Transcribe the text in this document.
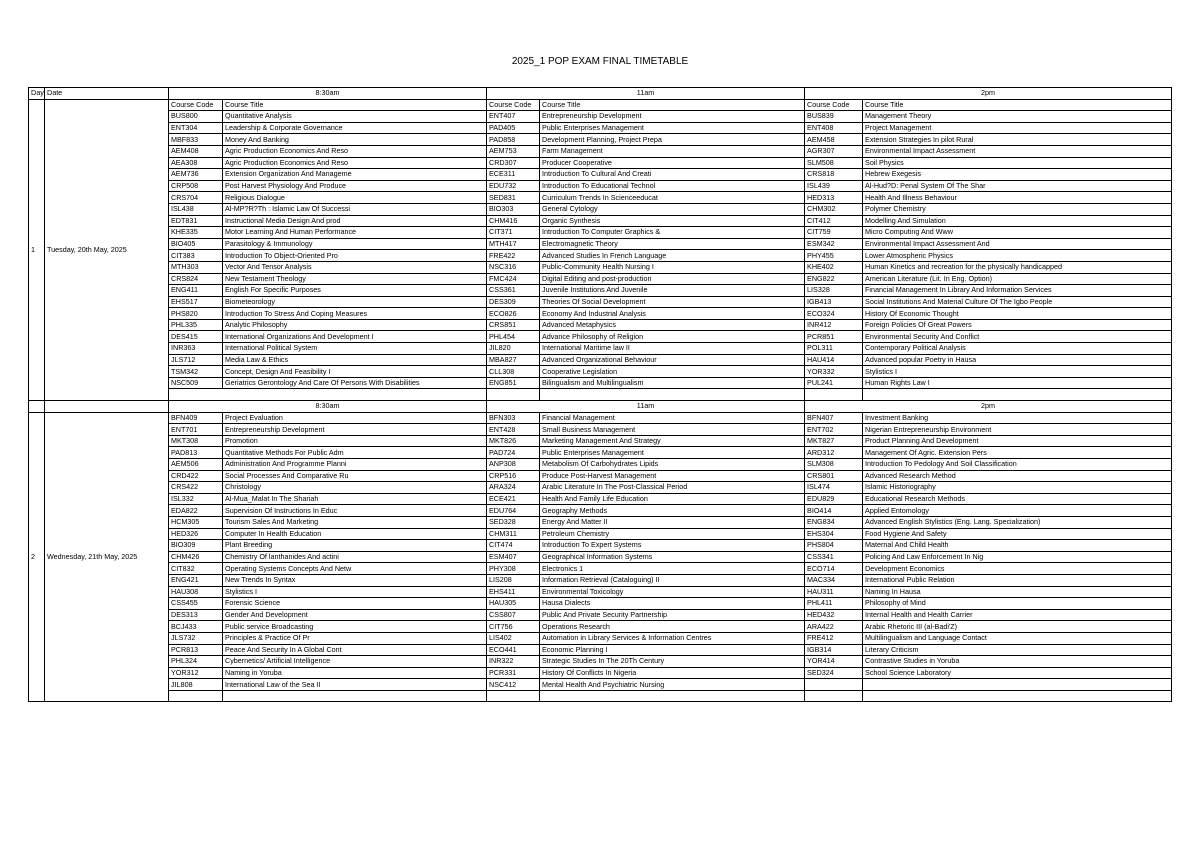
2025_1 POP EXAM FINAL TIMETABLE
Day	Date	8:30am		11am		2pm		
1	Tuesday, 20th May, 2025	Course Code	Course Title	Course Code	Course Title	Course Code	Course Title	
		BUS800	Quantitative Analysis	ENT407	Entrepreneurship Development	BUS839	Management Theory	
		ENT304	Leadership & Corporate Governance	PAD405	Public Enterprises Management	ENT408	Project Management	
		MBF833	Money And Banking	PAD858	Development Planning, Project Prepa	AEM458	Extension Strategies In pilot Rural	
		AEM408	Agric Production Economics And Reso	AEM753	Farm Management	AGR307	Environmental Impact Assessment	
		AEA308	Agric Production Economics And Reso	CRD307	Producer Cooperative	SLM508	Soil Physics	
		AEM736	Extension Organization And Manageme	ECE311	Introduction To Cultural And Creati	CRS818	Hebrew Exegesis	
		CRP508	Post Harvest Physiology And Produce	EDU732	Introduction To Educational Technol	ISL439	Al-Hud?D: Penal System Of The Shar	
		CRS704	Religious Dialogue	SED831	Curriculum Trends In Scienceeducat	HED313	Health And Illness Behaviour	
		ISL438	Al-MP?R?Th : Islamic Law Of Successi	BIO303	General Cytology	CHM302	Polymer Chemistry	
		EDT831	Instructional Media Design And prod	CHM416	Organic Synthesis	CIT412	Modelling And Simulation	
		KHE335	Motor Learning And Human Performance	CIT371	Introduction To Computer Graphics &	CIT759	Micro Computing And Www	
		BIO405	Parasitology & Immunology	MTH417	Electromagnetic Theory	ESM342	Environmental Impact Assessment And	
		CIT383	Introduction To Object-Oriented Pro	FRE422	Advanced Studies In French Language	PHY455	Lower Atmospheric Physics	
		MTH303	Vector And Tensor Analysis	NSC316	Public-Community Health Nursing I	KHE402	Human Kinetics and recreation for the physically handicapped	
		CRS824	New Testament Theology	FMC424	Digital Editing and post-production	ENG822	American Literature (Lit. In Eng. Option)	
		ENG411	English For Specific Purposes	CSS361	Juvenile Institutions And Juvenile	LIS328	Financial Management In Library And Information Services	
		EHS517	Biometeorology	DES309	Theories Of Social Development	IGB413	Social Institutions And Material Culture Of The Igbo People	
		PHS820	Introduction To Stress And Coping Measures	ECO826	Economy And Industrial Analysis	ECO324	History Of Economic Thought	
		PHL335	Analytic Philosophy	CRS851	Advanced Metaphysics	INR412	Foreign Policies Of Great Powers	
		DES415	International Organizations And Development I	PHL454	Advance Philosophy of Religion	PCR851	Environmental Security And Conflict	
		INR363	International Political System	JIL820	International Maritime law II	POL311	Contemporary Political Analysis	
		JLS712	Media Law & Ethics	MBA827	Advanced Organizational Behaviour	HAU414	Advanced popular Poetry in Hausa	
		TSM342	Concept, Design And Feasibility I	CLL308	Cooperative Legislation	YOR332	Stylistics I	
		NSC509	Geriatrics Gerontology And Care Of Persons With Disabilities	ENG851	Bilingualism and Multilingualism	PUL241	Human Rights Law I	

		8:30am		11am		2pm		
2	Wednesday, 21th May, 2025	BFN409	Project Evaluation	BFN303	Financial Management	BFN407	Investment Banking	
		ENT701	Entrepreneurship Development	ENT428	Small Business Management	ENT702	Nigerian Entrepreneurship Environment	
		MKT308	Promotion	MKT826	Marketing Management And Strategy	MKT827	Product Planning And Development	
		PAD813	Quantitative Methods For Public Adm	PAD724	Public Enterprises Management	ARD312	Management Of Agric. Extension Pers	
		AEM506	Administration And Programme Planni	ANP308	Metabolism Of Carbohydrates Lipids	SLM308	Introduction To Pedology And Soil Classification	
		CRD422	Social Processes And Comparative Ru	CRP516	Produce Post-Harvest Management	CRS801	Advanced Research Method	
		CRS422	Christology	ARA324	Arabic Literature In The Post-Classical Period	ISL474	Islamic Historiography	
		ISL332	Al-Mua_Malat In The Shariah	ECE421	Health And Family Life Education	EDU829	Educational Research Methods	
		EDA822	Supervision Of Instructions In Educ	EDU764	Geography Methods	BIO414	Applied Entomology	
		HCM305	Tourism Sales And Marketing	SED328	Energy And Matter II	ENG834	Advanced English Stylistics (Eng. Lang. Specialization)	
		HED326	Computer In Health Education	CHM311	Petroleum Chemistry	EHS304	Food Hygiene And Safety	
		BIO309	Plant Breeding	CIT474	Introduction To Expert Systems	PHS804	Maternal And Child Health	
		CHM426	Chemistry Of lanthanides And actini	ESM407	Geographical Information Systems	CSS341	Policing And Law Enforcement In Nig	
		CIT832	Operating Systems Concepts And Netw	PHY308	Electronics 1	ECO714	Development Economics	
		ENG421	New Trends In Syntax	LIS208	Information Retrieval (Cataloguing) II	MAC334	International Public Relation	
		HAU308	Stylistics I	EHS411	Environmental Toxicology	HAU311	Naming In Hausa	
		CSS455	Forensic Science	HAU305	Hausa Dialects	PHL411	Philosophy of Mind	
		DES313	Gender And Development	CSS807	Public And Private Security Partnership	HED432	Internal Health and Health Carrier	
		BCJ433	Public service Broadcasting	CIT756	Operations Research	ARA422	Arabic Rhetoric III (al-Badi'Z)	
		JLS732	Principles & Practice Of Pr	LIS402	Automation in Library Services & Information Centres	FRE412	Multilingualism and Language Contact	
		PCR813	Peace And Security In A Global Cont	ECO441	Economic Planning I	IGB314	Literary Criticism	
		PHL324	Cybernetics/ Artificial Intelligence	INR322	Strategic Studies In The 20Th Century	YOR414	Contrastive Studies in Yoruba	
		YOR312	Naming in Yoruba	PCR331	History Of Conflicts In Nigeria	SED324	School Science Laboratory	
		JIL808	International Law of the Sea II	NSC412	Mental Health And Psychiatric Nursing			
